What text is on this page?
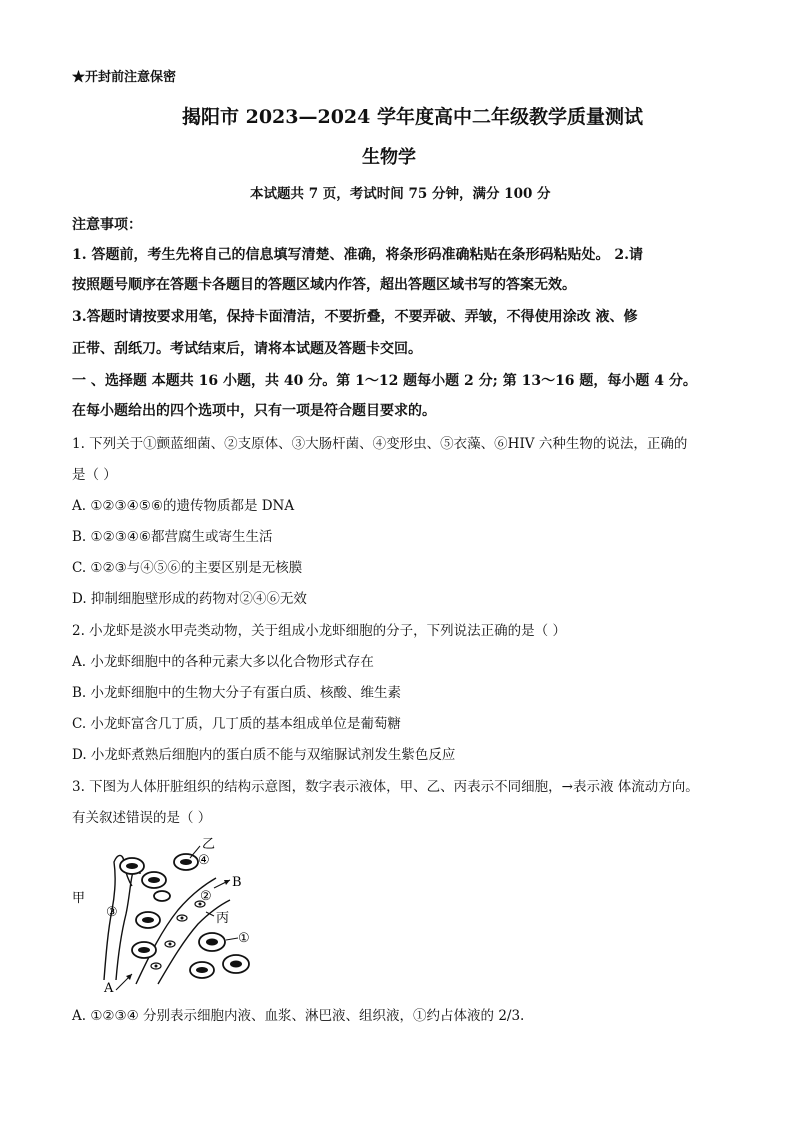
★开封前注意保密
揭阳市 2023—2024 学年度高中二年级教学质量测试
生物学
本试题共 7 页，考试时间 75 分钟，满分 100 分
注意事项：
1. 答题前，考生先将自己的信息填写清楚、准确，将条形码准确粘贴在条形码粘贴处。 2.请
按照题号顺序在答题卡各题目的答题区域内作答，超出答题区域书写的答案无效。
3.答题时请按要求用笔，保持卡面清洁，不要折叠，不要弄破、弄皱，不得使用涂改 液、修
正带、刮纸刀。考试结束后，请将本试题及答题卡交回。
一 、选择题 本题共 16 小题，共 40 分。第 1～12 题每小题 2 分; 第 13～16 题，每小题 4 分。
在每小题给出的四个选项中，只有一项是符合题目要求的。
1. 下列关于①颤蓝细菌、②支原体、③大肠杆菌、④变形虫、⑤衣藻、⑥HIV 六种生物的说法，正确的
是（ ）
A. ①②③④⑤⑥的遗传物质都是 DNA
B. ①②③④⑥都营腐生或寄生生活
C. ①②③与④⑤⑥的主要区别是无核膜
D. 抑制细胞壁形成的药物对②④⑥无效
2. 小龙虾是淡水甲壳类动物，关于组成小龙虾细胞的分子，下列说法正确的是（ ）
A. 小龙虾细胞中的各种元素大多以化合物形式存在
B. 小龙虾细胞中的生物大分子有蛋白质、核酸、维生素
C. 小龙虾富含几丁质，几丁质的基本组成单位是葡萄糖
D. 小龙虾煮熟后细胞内的蛋白质不能与双缩脲试剂发生紫色反应
3. 下图为人体肝脏组织的结构示意图，数字表示液体，甲、乙、丙表示不同细胞，→表示液 体流动方向。
有关叙述错误的是（ ）
甲
乙
④
B
②
丙
③
①
A
A. ①②③④ 分别表示细胞内液、血浆、淋巴液、组织液，①约占体液的 2/3.
